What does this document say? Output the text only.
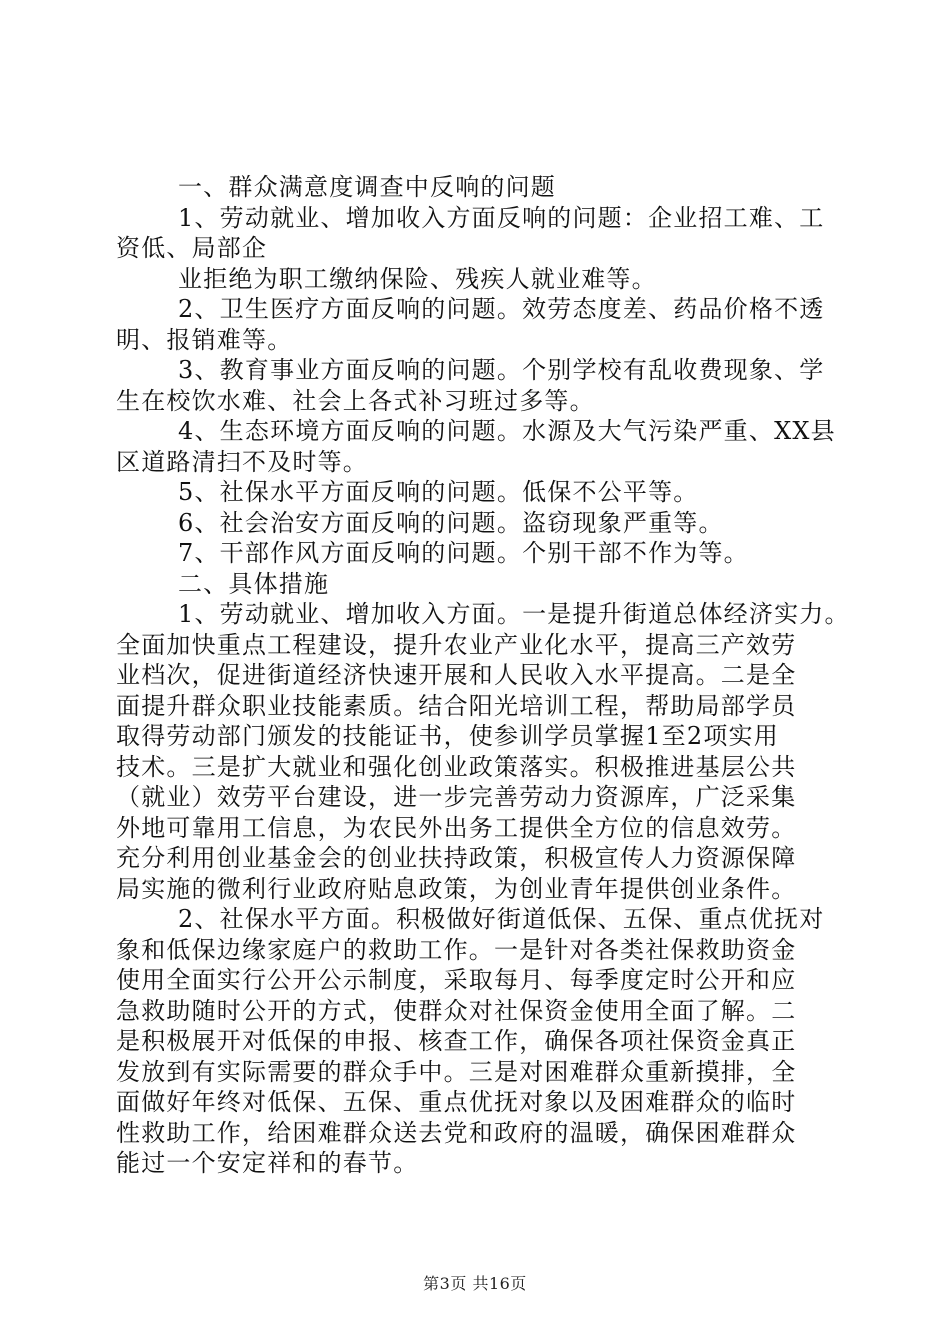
一、群众满意度调查中反响的问题
1、劳动就业、增加收入方面反响的问题：企业招工难、工
资低、局部企
业拒绝为职工缴纳保险、残疾人就业难等。
2、卫生医疗方面反响的问题。效劳态度差、药品价格不透
明、报销难等。
3、教育事业方面反响的问题。个别学校有乱收费现象、学
生在校饮水难、社会上各式补习班过多等。
4、生态环境方面反响的问题。水源及大气污染严重、XX县
区道路清扫不及时等。
5、社保水平方面反响的问题。低保不公平等。
6、社会治安方面反响的问题。盗窃现象严重等。
7、干部作风方面反响的问题。个别干部不作为等。
二、具体措施
1、劳动就业、增加收入方面。一是提升街道总体经济实力。
全面加快重点工程建设，提升农业产业化水平，提高三产效劳
业档次，促进街道经济快速开展和人民收入水平提高。二是全
面提升群众职业技能素质。结合阳光培训工程，帮助局部学员
取得劳动部门颁发的技能证书，使参训学员掌握1至2项实用
技术。三是扩大就业和强化创业政策落实。积极推进基层公共
（就业）效劳平台建设，进一步完善劳动力资源库，广泛采集
外地可靠用工信息，为农民外出务工提供全方位的信息效劳。
充分利用创业基金会的创业扶持政策，积极宣传人力资源保障
局实施的微利行业政府贴息政策，为创业青年提供创业条件。
2、社保水平方面。积极做好街道低保、五保、重点优抚对
象和低保边缘家庭户的救助工作。一是针对各类社保救助资金
使用全面实行公开公示制度，采取每月、每季度定时公开和应
急救助随时公开的方式，使群众对社保资金使用全面了解。二
是积极展开对低保的申报、核查工作，确保各项社保资金真正
发放到有实际需要的群众手中。三是对困难群众重新摸排，全
面做好年终对低保、五保、重点优抚对象以及困难群众的临时
性救助工作，给困难群众送去党和政府的温暖，确保困难群众
能过一个安定祥和的春节。
第3页 共16页
